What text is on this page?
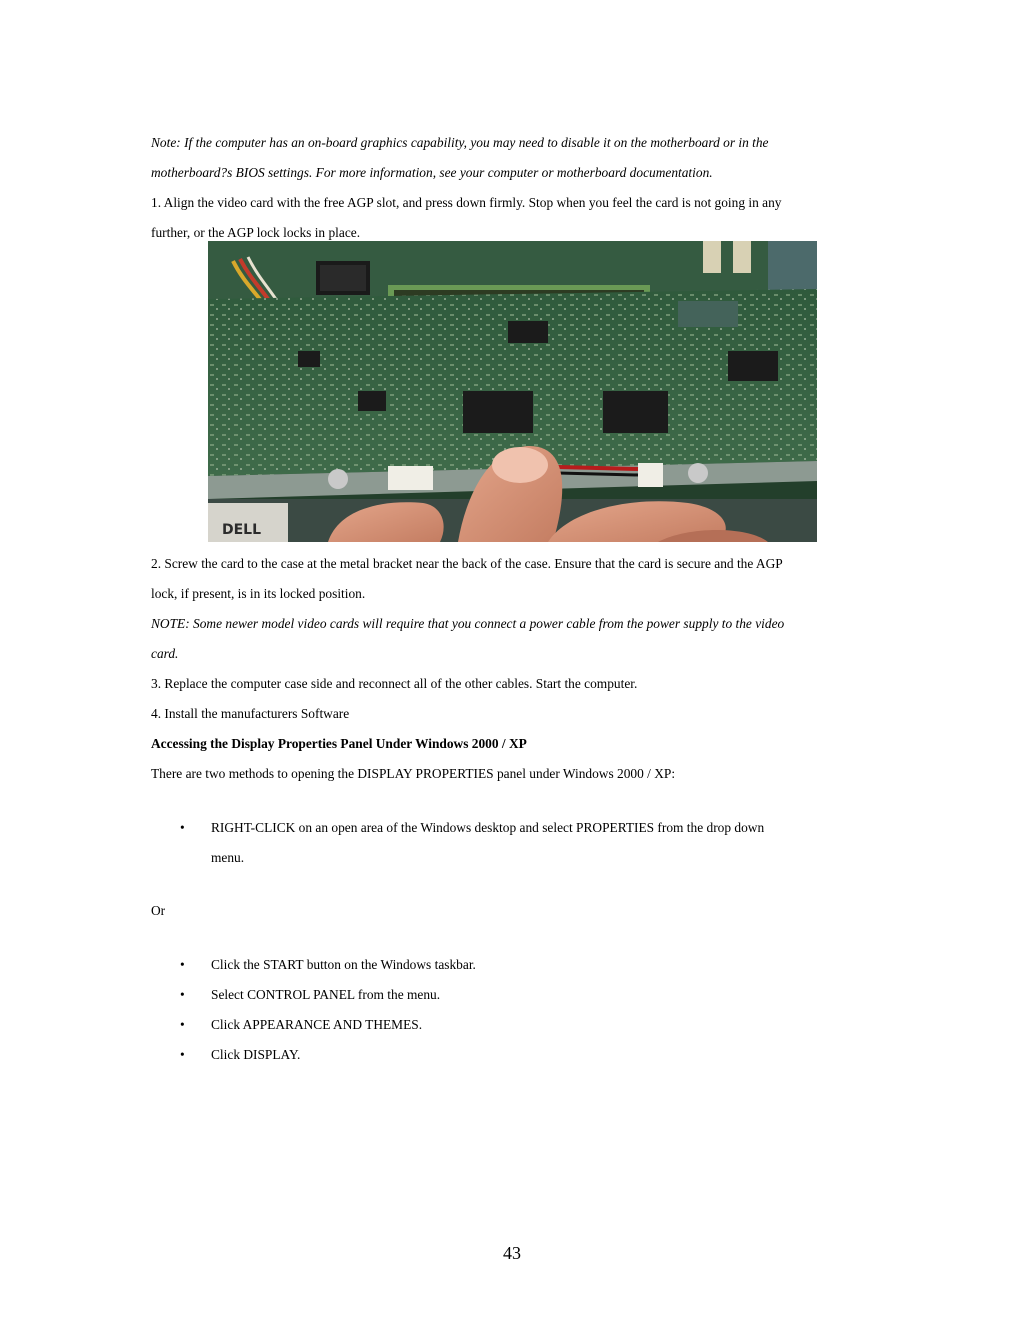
Note: If the computer has an on-board graphics capability, you may need to disable it on the motherboard or in the
motherboard?s BIOS settings. For more information, see your computer or motherboard documentation.
1. Align the video card with the free AGP slot, and press down firmly. Stop when you feel the card is not going in any
further, or the AGP lock locks in place.
DELL
2. Screw the card to the case at the metal bracket near the back of the case. Ensure that the card is secure and the AGP
lock, if present, is in its locked position.
NOTE: Some newer model video cards will require that you connect a power cable from the power supply to the video
card.
3. Replace the computer case side and reconnect all of the other cables. Start the computer.
4. Install the manufacturers Software
Accessing the Display Properties Panel Under Windows 2000 / XP
There are two methods to opening the DISPLAY PROPERTIES panel under Windows 2000 / XP:
• RIGHT-CLICK on an open area of the Windows desktop and select PROPERTIES from the drop down
menu.
Or
• Click the START button on the Windows taskbar.
• Select CONTROL PANEL from the menu.
• Click APPEARANCE AND THEMES.
• Click DISPLAY.
43
